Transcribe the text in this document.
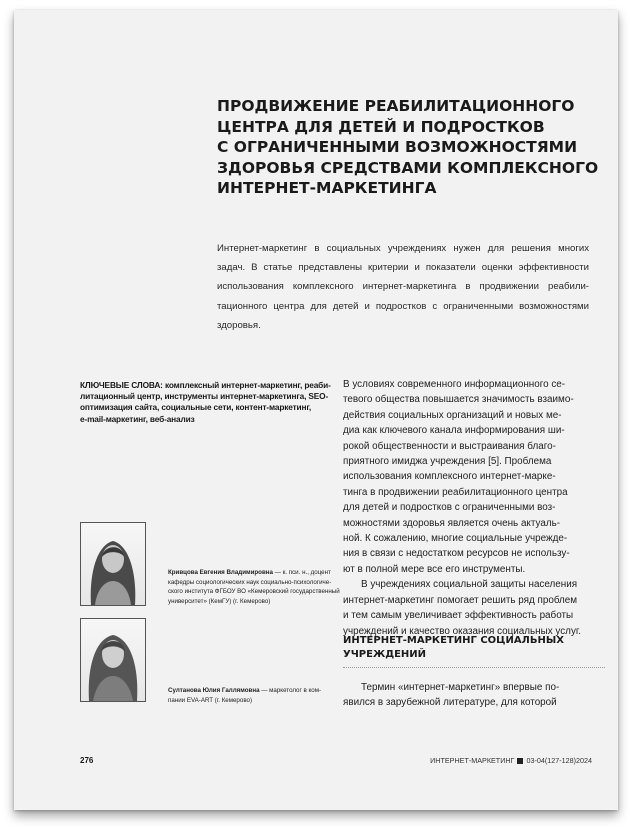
ПРОДВИЖЕНИЕ РЕАБИЛИТАЦИОННОГО
ЦЕНТРА ДЛЯ ДЕТЕЙ И ПОДРОСТКОВ
С ОГРАНИЧЕННЫМИ ВОЗМОЖНОСТЯМИ
ЗДОРОВЬЯ СРЕДСТВАМИ КОМПЛЕКСНОГО
ИНТЕРНЕТ-МАРКЕТИНГА

Интернет-маркетинг в социальных учреждениях нужен для решения многих
задач. В статье представлены критерии и показатели оценки эффективности
использования комплексного интернет-маркетинга в продвижении реабили-
тационного центра для детей и подростков с ограниченными возможностями
здоровья.

КЛЮЧЕВЫЕ СЛОВА: комплексный интернет-маркетинг, реаби-
литационный центр, инструменты интернет-маркетинга, SEO-
оптимизация сайта, социальные сети, контент-маркетинг,
e-mail-маркетинг, веб-анализ
В условиях современного информационного се-
тевого общества повышается значимость взаимо-
действия социальных организаций и новых ме-
диа как ключевого канала информирования ши-
рокой общественности и выстраивания благо-
приятного имиджа учреждения [5]. Проблема
использования комплексного интернет-марке-
тинга в продвижении реабилитационного центра
для детей и подростков с ограниченными воз-
можностями здоровья является очень актуаль-
ной. К сожалению, многие социальные учрежде-
ния в связи с недостатком ресурсов не использу-
ют в полной мере все его инструменты.
В учреждениях социальной защиты населения
интернет-маркетинг помогает решить ряд проблем
и тем самым увеличивает эффективность работы
учреждений и качество оказания социальных услуг.
Кривцова Евгения Владимировна — к. пси. н., доцент
кафедры социологических наук социально-психологиче-
ского института ФГБОУ ВО «Кемеровский государственный
университет» (КемГУ) (г. Кемерово)
Султанова Юлия Галлямовна — маркетолог в ком-
пании EVA-ART (г. Кемерово)
ИНТЕРНЕТ-МАРКЕТИНГ СОЦИАЛЬНЫХ
УЧРЕЖДЕНИЙ
Термин «интернет-маркетинг» впервые по-
явился в зарубежной литературе, для которой
276	ИНТЕРНЕТ-МАРКЕТИНГ 03-04(127-128)2024
